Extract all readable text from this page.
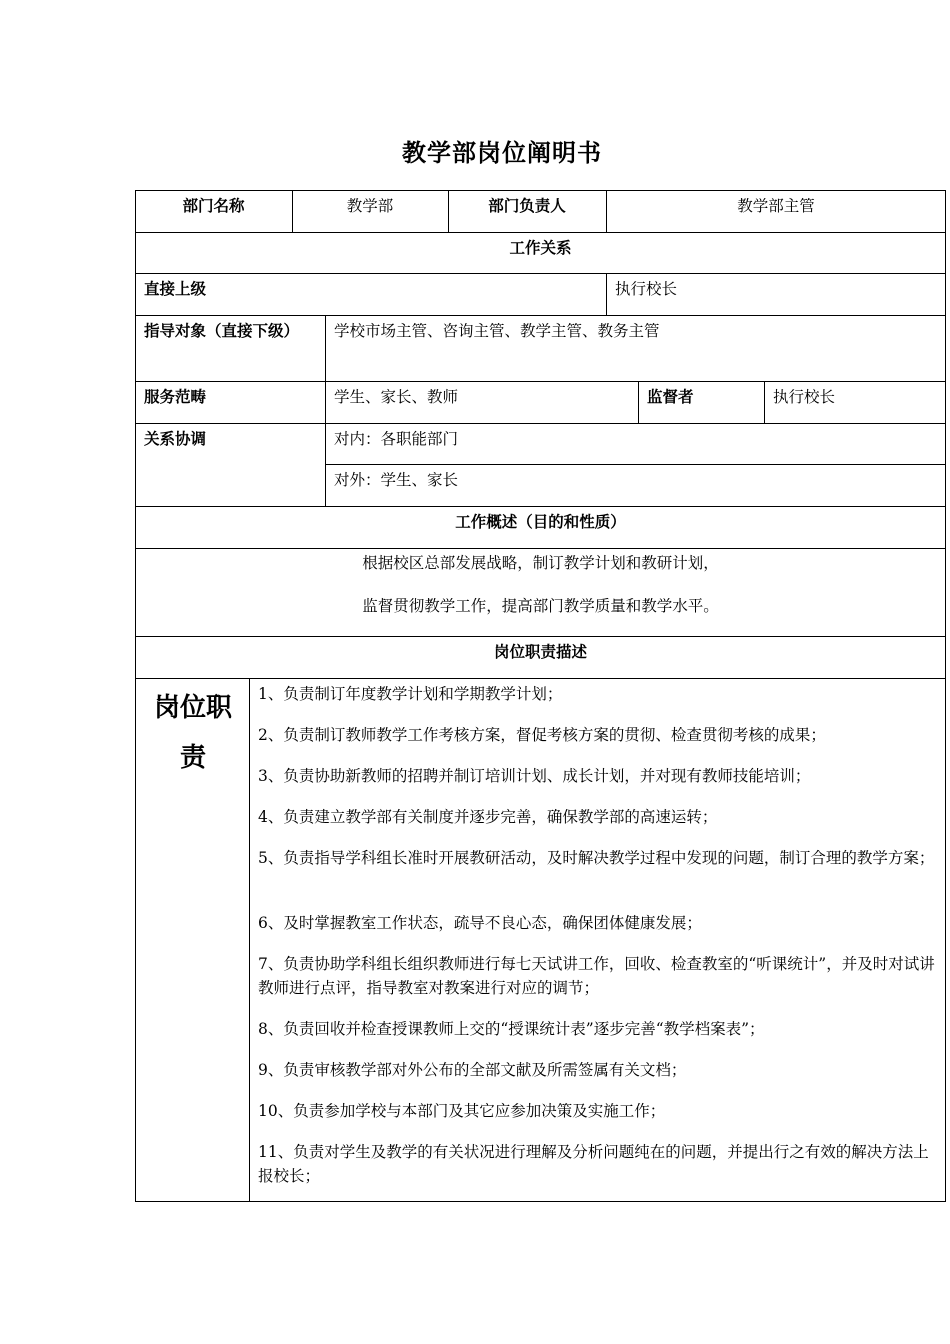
教学部岗位阐明书
部门名称	教学部	部门负责人	教学部主管
工作关系
直接上级	执行校长
指导对象（直接下级） 学校市场主管、咨询主管、教学主管、教务主管
服务范畴	学生、家长、教师	监督者	执行校长
关系协调	对内：各职能部门
对外：学生、家长
工作概述（目的和性质）
根据校区总部发展战略，制订教学计划和教研计划，
监督贯彻教学工作，提高部门教学质量和教学水平。
岗位职责描述
岗位职责
1、负责制订年度教学计划和学期教学计划；
2、负责制订教师教学工作考核方案，督促考核方案的贯彻、检查贯彻考核的成果；
3、负责协助新教师的招聘并制订培训计划、成长计划，并对现有教师技能培训；
4、负责建立教学部有关制度并逐步完善，确保教学部的高速运转；
5、负责指导学科组长准时开展教研活动，及时解决教学过程中发现的问题，制订合理的教学方案；
6、及时掌握教室工作状态，疏导不良心态，确保团体健康发展；
7、负责协助学科组长组织教师进行每七天试讲工作，回收、检查教室的“听课统计”，并及时对试讲教师进行点评，指导教室对教案进行对应的调节；
8、负责回收并检查授课教师上交的“授课统计表”逐步完善“教学档案表”；
9、负责审核教学部对外公布的全部文献及所需签属有关文档；
10、负责参加学校与本部门及其它应参加决策及实施工作；
11、负责对学生及教学的有关状况进行理解及分析问题纯在的问题，并提出行之有效的解决方法上报校长；
